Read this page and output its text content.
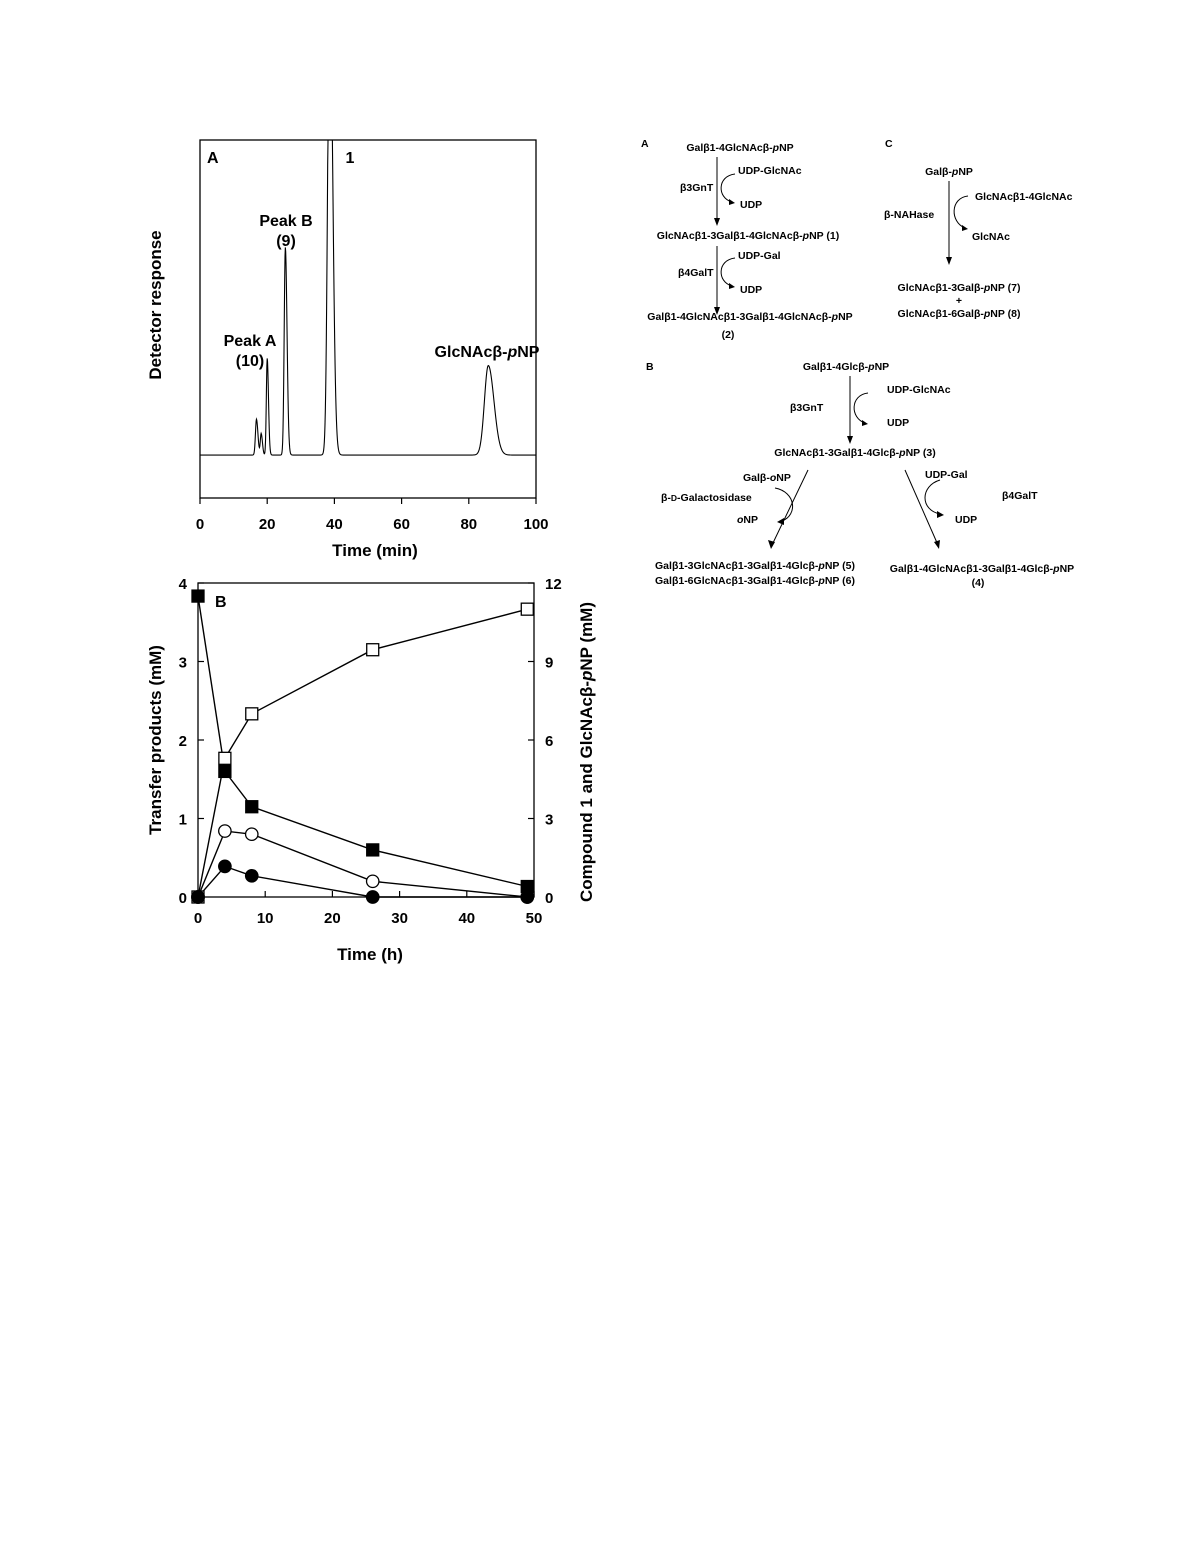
A
0	20	40	60	80	100
Time (min)
Detector response
1
Peak B
(9)
Peak A
(10)
GlcNAcβ-pNP
B
0	10	20	30	40	50
0
1
2
3
4
0
3
6
9
12
Time (h)
Transfer products (mM)	Compound 1 and GlcNAcβ-pNP (mM)
A	Galβ1-4GlcNAcβ-pNP
UDP-GlcNAc
β3GnT
UDP
GlcNAcβ1-3Galβ1-4GlcNAcβ-pNP (1)
UDP-Gal
β4GalT
UDP
Galβ1-4GlcNAcβ1-3Galβ1-4GlcNAcβ-pNP
(2)
C
Galβ-pNP
GlcNAcβ1-4GlcNAc
β-NAHase
GlcNAc
GlcNAcβ1-3Galβ-pNP (7)
+
GlcNAcβ1-6Galβ-pNP (8)
B	Galβ1-4Glcβ-pNP
UDP-GlcNAc
β3GnT
UDP
GlcNAcβ1-3Galβ1-4Glcβ-pNP (3)
Galβ-oNP
β-D-Galactosidase
oNP
Galβ1-3GlcNAcβ1-3Galβ1-4Glcβ-pNP (5)
Galβ1-6GlcNAcβ1-3Galβ1-4Glcβ-pNP (6)
UDP-Gal
β4GalT
UDP
Galβ1-4GlcNAcβ1-3Galβ1-4Glcβ-pNP
(4)
